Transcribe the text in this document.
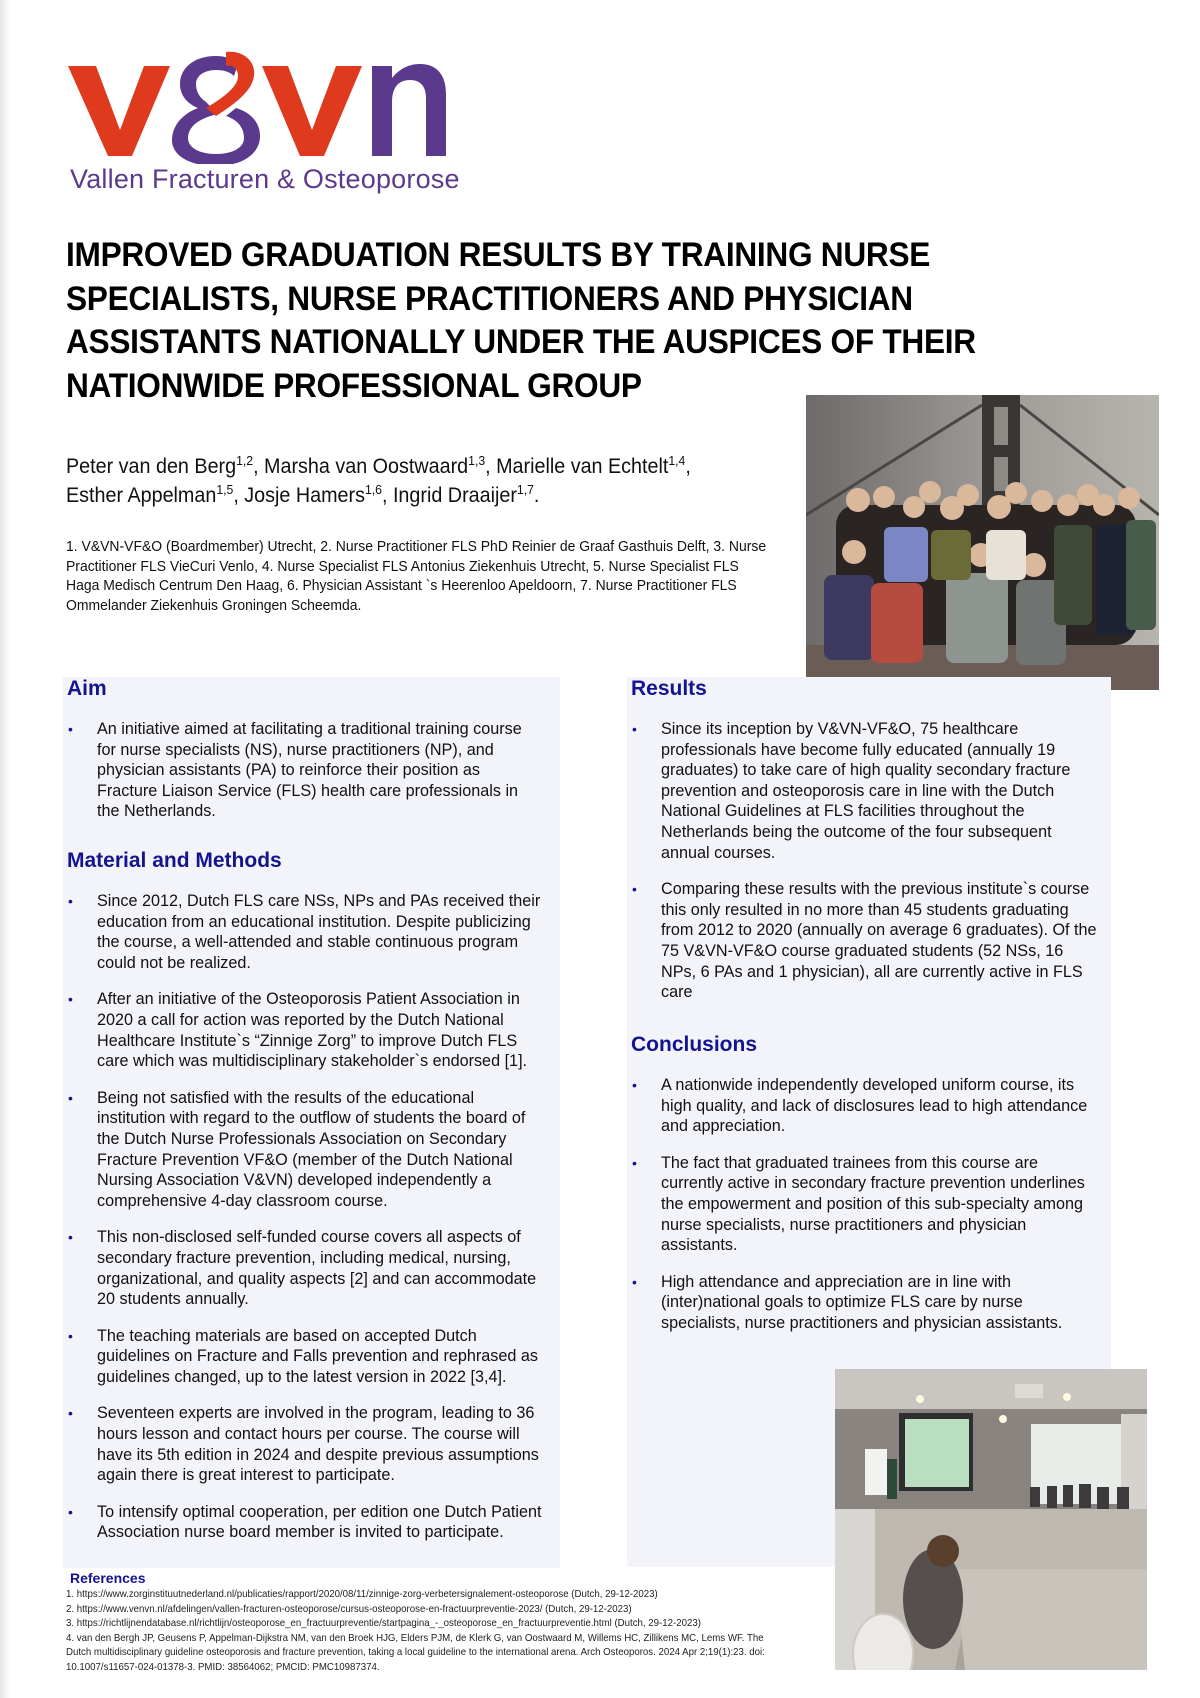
Vallen Fracturen & Osteoporose
IMPROVED GRADUATION RESULTS BY TRAINING NURSE SPECIALISTS, NURSE PRACTITIONERS AND PHYSICIAN ASSISTANTS NATIONALLY UNDER THE AUSPICES OF THEIR NATIONWIDE PROFESSIONAL GROUP
Peter van den Berg$^{1,2}$, Marsha van Oostwaard$^{1,3}$, Marielle van Echtelt$^{1,4}$,
Esther Appelman$^{1,5}$, Josje Hamers$^{1,6}$, Ingrid Draaijer$^{1,7}$.
1. V&VN-VF&O (Boardmember) Utrecht, 2. Nurse Practitioner FLS PhD Reinier de Graaf Gasthuis Delft, 3. Nurse Practitioner FLS VieCuri Venlo, 4. Nurse Specialist FLS Antonius Ziekenhuis Utrecht, 5. Nurse Specialist FLS Haga Medisch Centrum Den Haag, 6. Physician Assistant `s Heerenloo Apeldoorn, 7. Nurse Practitioner FLS Ommelander Ziekenhuis Groningen Scheemda.
Aim
• An initiative aimed at facilitating a traditional training course for nurse specialists (NS), nurse practitioners (NP), and physician assistants (PA) to reinforce their position as Fracture Liaison Service (FLS) health care professionals in the Netherlands.
Material and Methods
• Since 2012, Dutch FLS care NSs, NPs and PAs received their education from an educational institution. Despite publicizing the course, a well-attended and stable continuous program could not be realized.
• After an initiative of the Osteoporosis Patient Association in 2020 a call for action was reported by the Dutch National Healthcare Institute`s “Zinnige Zorg” to improve Dutch FLS care which was multidisciplinary stakeholder`s endorsed [1].
• Being not satisfied with the results of the educational institution with regard to the outflow of students the board of the Dutch Nurse Professionals Association on Secondary Fracture Prevention VF&O (member of the Dutch National Nursing Association V&VN) developed independently a comprehensive 4-day classroom course.
• This non-disclosed self-funded course covers all aspects of secondary fracture prevention, including medical, nursing, organizational, and quality aspects [2] and can accommodate 20 students annually.
• The teaching materials are based on accepted Dutch guidelines on Fracture and Falls prevention and rephrased as guidelines changed, up to the latest version in 2022 [3,4].
• Seventeen experts are involved in the program, leading to 36 hours lesson and contact hours per course. The course will have its 5th edition in 2024 and despite previous assumptions again there is great interest to participate.
• To intensify optimal cooperation, per edition one Dutch Patient Association nurse board member is invited to participate.
Results
• Since its inception by V&VN-VF&O, 75 healthcare professionals have become fully educated (annually 19 graduates) to take care of high quality secondary fracture prevention and osteoporosis care in line with the Dutch National Guidelines at FLS facilities throughout the Netherlands being the outcome of the four subsequent annual courses.
• Comparing these results with the previous institute`s course this only resulted in no more than 45 students graduating from 2012 to 2020 (annually on average 6 graduates). Of the 75 V&VN-VF&O course graduated students (52 NSs, 16 NPs, 6 PAs and 1 physician), all are currently active in FLS care
Conclusions
• A nationwide independently developed uniform course, its high quality, and lack of disclosures lead to high attendance and appreciation.
• The fact that graduated trainees from this course are currently active in secondary fracture prevention underlines the empowerment and position of this sub-specialty among nurse specialists, nurse practitioners and physician assistants.
• High attendance and appreciation are in line with (inter)national goals to optimize FLS care by nurse specialists, nurse practitioners and physician assistants.
References
1. https://www.zorginstituutnederland.nl/publicaties/rapport/2020/08/11/zinnige-zorg-verbetersignalement-osteoporose (Dutch, 29-12-2023)
2. https://www.venvn.nl/afdelingen/vallen-fracturen-osteoporose/cursus-osteoporose-en-fractuurpreventie-2023/ (Dutch, 29-12-2023)
3. https://richtlijnendatabase.nl/richtlijn/osteoporose_en_fractuurpreventie/startpagina_-_osteoporose_en_fractuurpreventie.html (Dutch, 29-12-2023)
4. van den Bergh JP, Geusens P, Appelman-Dijkstra NM, van den Broek HJG, Elders PJM, de Klerk G, van Oostwaard M, Willems HC, Zillikens MC, Lems WF. The Dutch multidisciplinary guideline osteoporosis and fracture prevention, taking a local guideline to the international arena. Arch Osteoporos. 2024 Apr 2;19(1):23. doi: 10.1007/s11657-024-01378-3. PMID: 38564062; PMCID: PMC10987374.
